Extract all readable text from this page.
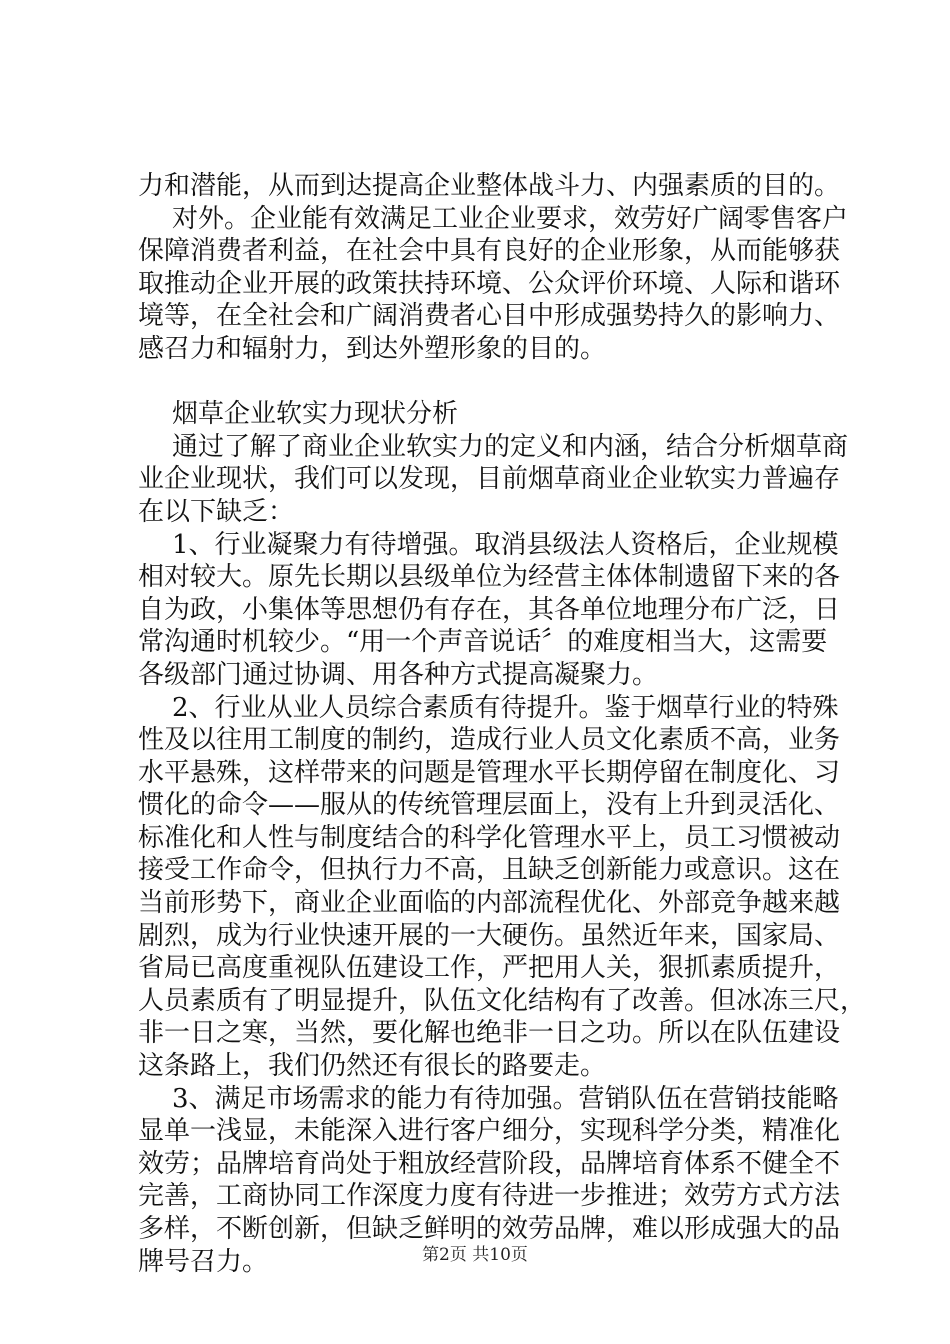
力和潜能，从而到达提高企业整体战斗力、内强素质的目的。
对外。企业能有效满足工业企业要求，效劳好广阔零售客户
保障消费者利益，在社会中具有良好的企业形象，从而能够获
取推动企业开展的政策扶持环境、公众评价环境、人际和谐环
境等，在全社会和广阔消费者心目中形成强势持久的影响力、
感召力和辐射力，到达外塑形象的目的。
烟草企业软实力现状分析
通过了解了商业企业软实力的定义和内涵，结合分析烟草商
业企业现状，我们可以发现，目前烟草商业企业软实力普遍存
在以下缺乏：
1、行业凝聚力有待增强。取消县级法人资格后，企业规模
相对较大。原先长期以县级单位为经营主体体制遗留下来的各
自为政，小集体等思想仍有存在，其各单位地理分布广泛，日
常沟通时机较少。“用一个声音说话〞的难度相当大，这需要
各级部门通过协调、用各种方式提高凝聚力。
2、行业从业人员综合素质有待提升。鉴于烟草行业的特殊
性及以往用工制度的制约，造成行业人员文化素质不高，业务
水平悬殊，这样带来的问题是管理水平长期停留在制度化、习
惯化的命令——服从的传统管理层面上，没有上升到灵活化、
标准化和人性与制度结合的科学化管理水平上，员工习惯被动
接受工作命令，但执行力不高，且缺乏创新能力或意识。这在
当前形势下，商业企业面临的内部流程优化、外部竞争越来越
剧烈，成为行业快速开展的一大硬伤。虽然近年来，国家局、
省局已高度重视队伍建设工作，严把用人关，狠抓素质提升，
人员素质有了明显提升，队伍文化结构有了改善。但冰冻三尺，
非一日之寒，当然，要化解也绝非一日之功。所以在队伍建设
这条路上，我们仍然还有很长的路要走。
3、满足市场需求的能力有待加强。营销队伍在营销技能略
显单一浅显，未能深入进行客户细分，实现科学分类，精准化
效劳；品牌培育尚处于粗放经营阶段，品牌培育体系不健全不
完善，工商协同工作深度力度有待进一步推进；效劳方式方法
多样，不断创新，但缺乏鲜明的效劳品牌，难以形成强大的品
牌号召力。	第2页 共10页
